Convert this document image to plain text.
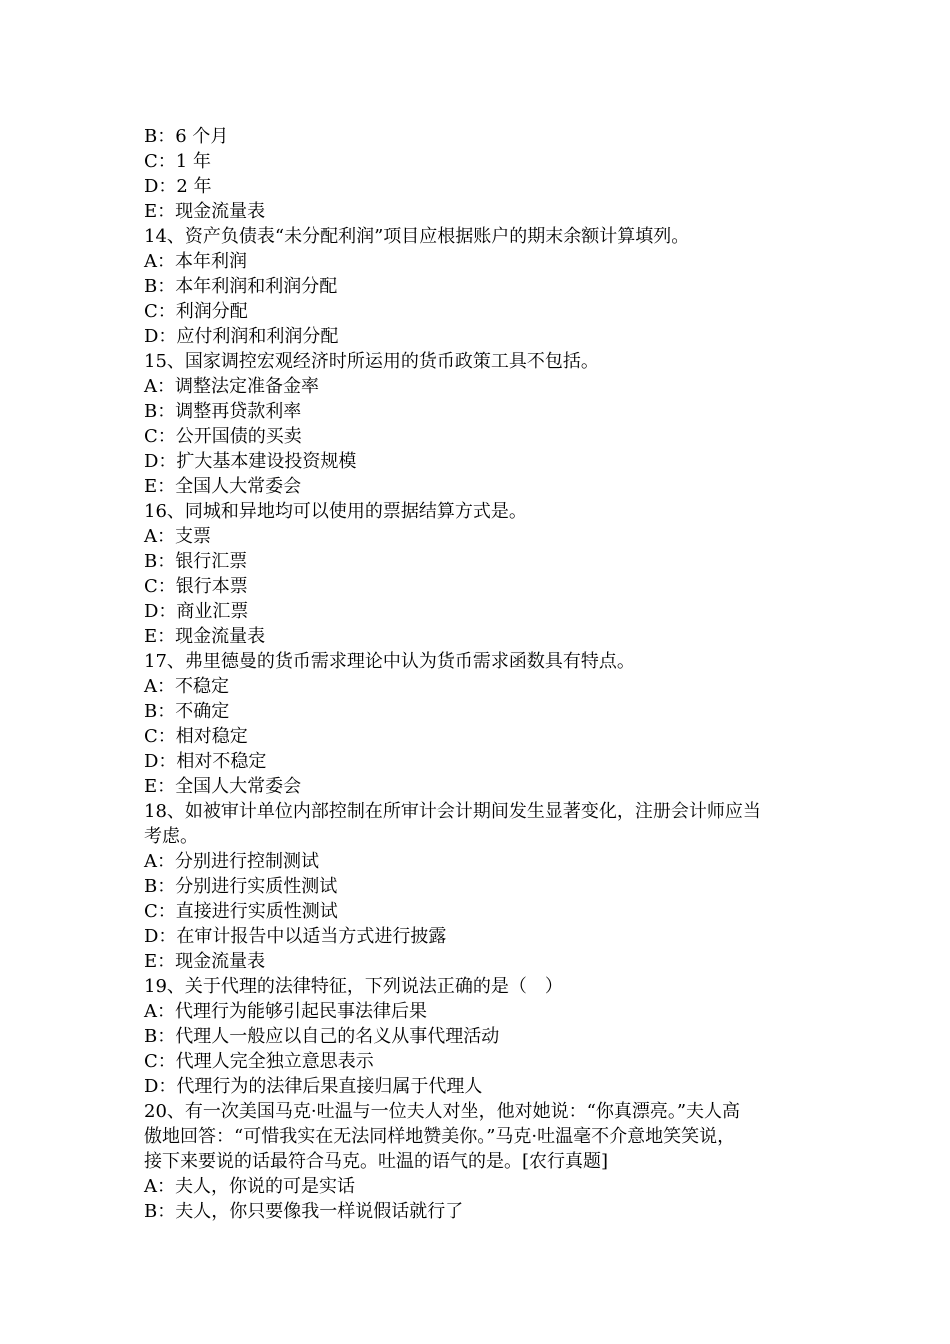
B：6 个月
C：1 年
D：2 年
E：现金流量表
14、资产负债表“未分配利润”项目应根据账户的期末余额计算填列。
A：本年利润
B：本年利润和利润分配
C：利润分配
D：应付利润和利润分配
15、国家调控宏观经济时所运用的货币政策工具不包括。
A：调整法定准备金率
B：调整再贷款利率
C：公开国债的买卖
D：扩大基本建设投资规模
E：全国人大常委会
16、同城和异地均可以使用的票据结算方式是。
A：支票
B：银行汇票
C：银行本票
D：商业汇票
E：现金流量表
17、弗里德曼的货币需求理论中认为货币需求函数具有特点。
A：不稳定
B：不确定
C：相对稳定
D：相对不稳定
E：全国人大常委会
18、如被审计单位内部控制在所审计会计期间发生显著变化，注册会计师应当
考虑。
A：分别进行控制测试
B：分别进行实质性测试
C：直接进行实质性测试
D：在审计报告中以适当方式进行披露
E：现金流量表
19、关于代理的法律特征，下列说法正确的是（　）
A：代理行为能够引起民事法律后果
B：代理人一般应以自己的名义从事代理活动
C：代理人完全独立意思表示
D：代理行为的法律后果直接归属于代理人
20、有一次美国马克·吐温与一位夫人对坐，他对她说：“你真漂亮。”夫人高
傲地回答：“可惜我实在无法同样地赞美你。”马克·吐温毫不介意地笑笑说，
接下来要说的话最符合马克。吐温的语气的是。[农行真题]
A：夫人，你说的可是实话
B：夫人，你只要像我一样说假话就行了
